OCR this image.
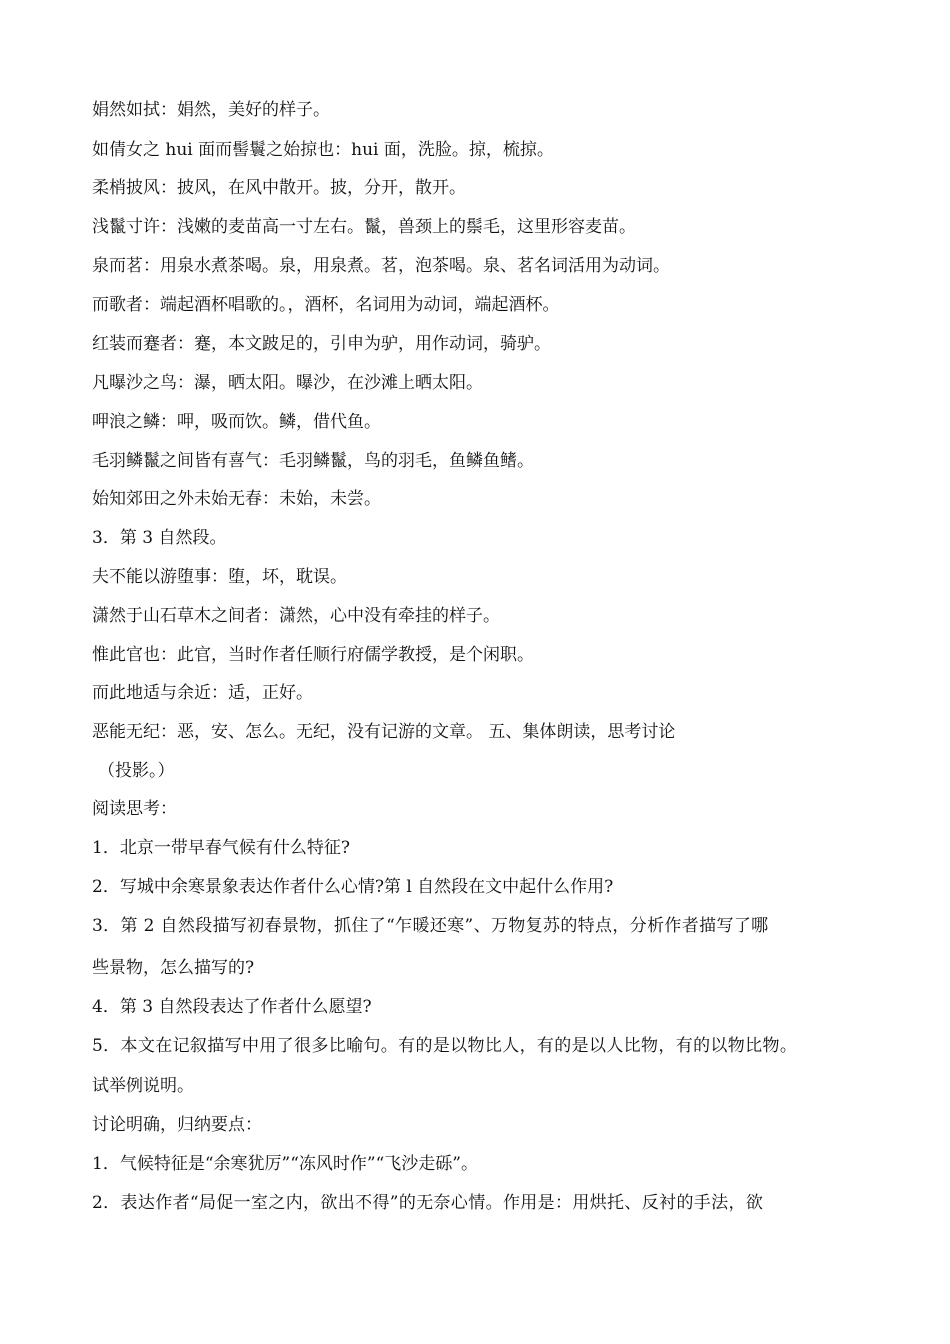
娟然如拭：娟然，美好的样子。

如倩女之 hui 面而髻鬟之始掠也：hui 面，洗脸。掠，梳掠。

柔梢披风：披风，在风中散开。披，分开，散开。

浅鬣寸许：浅嫩的麦苗高一寸左右。鬣，兽颈上的鬃毛，这里形容麦苗。

泉而茗：用泉水煮茶喝。泉，用泉煮。茗，泡茶喝。泉、茗名词活用为动词。

而歌者：端起酒杯唱歌的。，酒杯，名词用为动词，端起酒杯。

红装而蹇者：蹇，本文跛足的，引申为驴，用作动词，骑驴。

凡曝沙之鸟：瀑，晒太阳。曝沙，在沙滩上晒太阳。

呷浪之鳞：呷，吸而饮。鳞，借代鱼。

毛羽鳞鬣之间皆有喜气：毛羽鳞鬣，鸟的羽毛，鱼鳞鱼鳍。

始知郊田之外未始无春：未始，未尝。

3．第 3 自然段。

夫不能以游堕事：堕，坏，耽误。

潇然于山石草木之间者：潇然，心中没有牵挂的样子。

惟此官也：此官，当时作者任顺行府儒学教授，是个闲职。

而此地适与余近：适，正好。

恶能无纪：恶，安、怎么。无纪，没有记游的文章。 五、集体朗读，思考讨论

（投影。）

阅读思考：

1．北京一带早春气候有什么特征?

2．写城中余寒景象表达作者什么心情?第 l 自然段在文中起什么作用?

3．第 2 自然段描写初春景物，抓住了“乍暖还寒”、万物复苏的特点，分析作者描写了哪

些景物，怎么描写的?

4．第 3 自然段表达了作者什么愿望?

5．本文在记叙描写中用了很多比喻句。有的是以物比人，有的是以人比物，有的以物比物。

试举例说明。

讨论明确，归纳要点：

1．气候特征是“余寒犹厉”“冻风时作”“飞沙走砾”。

2．表达作者“局促一室之内，欲出不得”的无奈心情。作用是：用烘托、反衬的手法，欲
